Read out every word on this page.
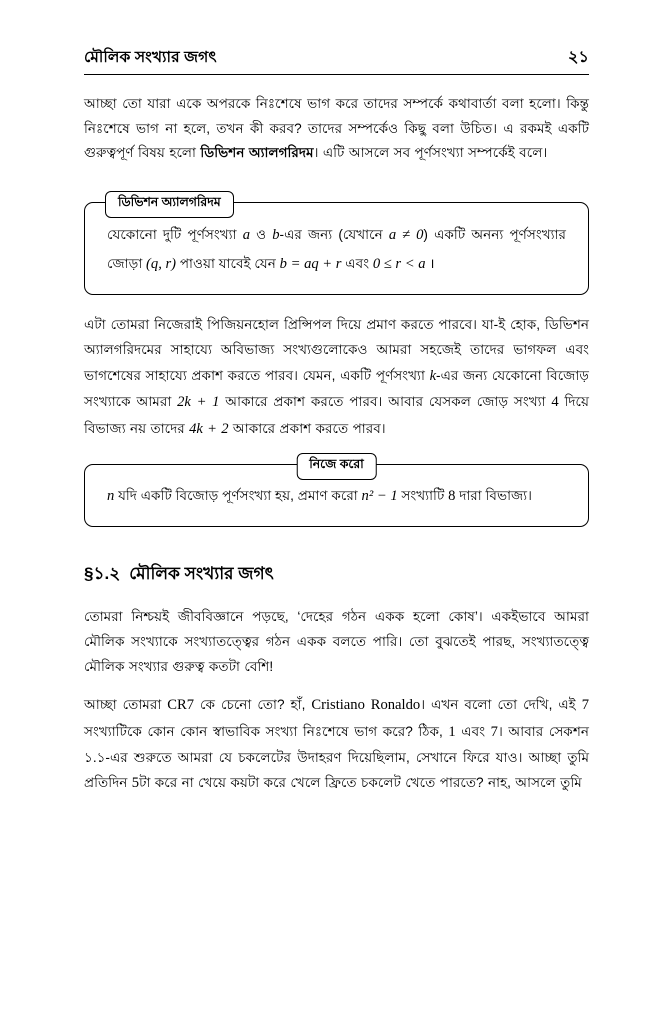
মৌলিক সংখ্যার জগৎ	২১

আচ্ছা তো যারা একে অপরকে নিঃশেষে ভাগ করে তাদের সম্পর্কে কথাবার্তা বলা হলো। কিন্তু নিঃশেষে ভাগ না হলে, তখন কী করব? তাদের সম্পর্কেও কিছু বলা উচিত। এ রকমই একটি গুরুত্বপূর্ণ বিষয় হলো ডিভিশন অ্যালগরিদম। এটি আসলে সব পূর্ণসংখ্যা সম্পর্কেই বলে।

ডিভিশন অ্যালগরিদম
যেকোনো দুটি পূর্ণসংখ্যা a ও b-এর জন্য (যেখানে a ≠ 0) একটি অনন্য পূর্ণসংখ্যার জোড়া (q, r) পাওয়া যাবেই যেন b = aq + r এবং 0 ≤ r < a ।

এটা তোমরা নিজেরাই পিজিয়নহোল প্রিন্সিপল দিয়ে প্রমাণ করতে পারবে। যা-ই হোক, ডিভিশন অ্যালগরিদমের সাহায্যে অবিভাজ্য সংখ্যগুলোকেও আমরা সহজেই তাদের ভাগফল এবং ভাগশেষের সাহায্যে প্রকাশ করতে পারব। যেমন, একটি পূর্ণসংখ্যা k-এর জন্য যেকোনো বিজোড় সংখ্যাকে আমরা 2k + 1 আকারে প্রকাশ করতে পারব। আবার যেসকল জোড় সংখ্যা 4 দিয়ে বিভাজ্য নয় তাদের 4k + 2 আকারে প্রকাশ করতে পারব।

নিজে করো
n যদি একটি বিজোড় পূর্ণসংখ্যা হয়, প্রমাণ করো n² − 1 সংখ্যাটি 8 দারা বিভাজ্য।
§১.২ মৌলিক সংখ্যার জগৎ

তোমরা নিশ্চয়ই জীববিজ্ঞানে পড়ছে, ‘দেহের গঠন একক হলো কোষ’। একইভাবে আমরা মৌলিক সংখ্যাকে সংখ্যাতত্ত্বের গঠন একক বলতে পারি। তো বুঝতেই পারছ, সংখ্যাতত্ত্বে মৌলিক সংখ্যার গুরুত্ব কতটা বেশি!

আচ্ছা তোমরা CR7 কে চেনো তো? হাঁ, Cristiano Ronaldo। এখন বলো তো দেখি, এই 7 সংখ্যাটিকে কোন কোন স্বাভাবিক সংখ্যা নিঃশেষে ভাগ করে? ঠিক, 1 এবং 7। আবার সেকশন ১.১-এর শুরুতে আমরা যে চকলেটের উদাহরণ দিয়েছিলাম, সেখানে ফিরে যাও। আচ্ছা তুমি প্রতিদিন 5টা করে না খেয়ে কয়টা করে খেলে ফ্রিতে চকলেট খেতে পারতে? নাহ, আসলে তুমি
